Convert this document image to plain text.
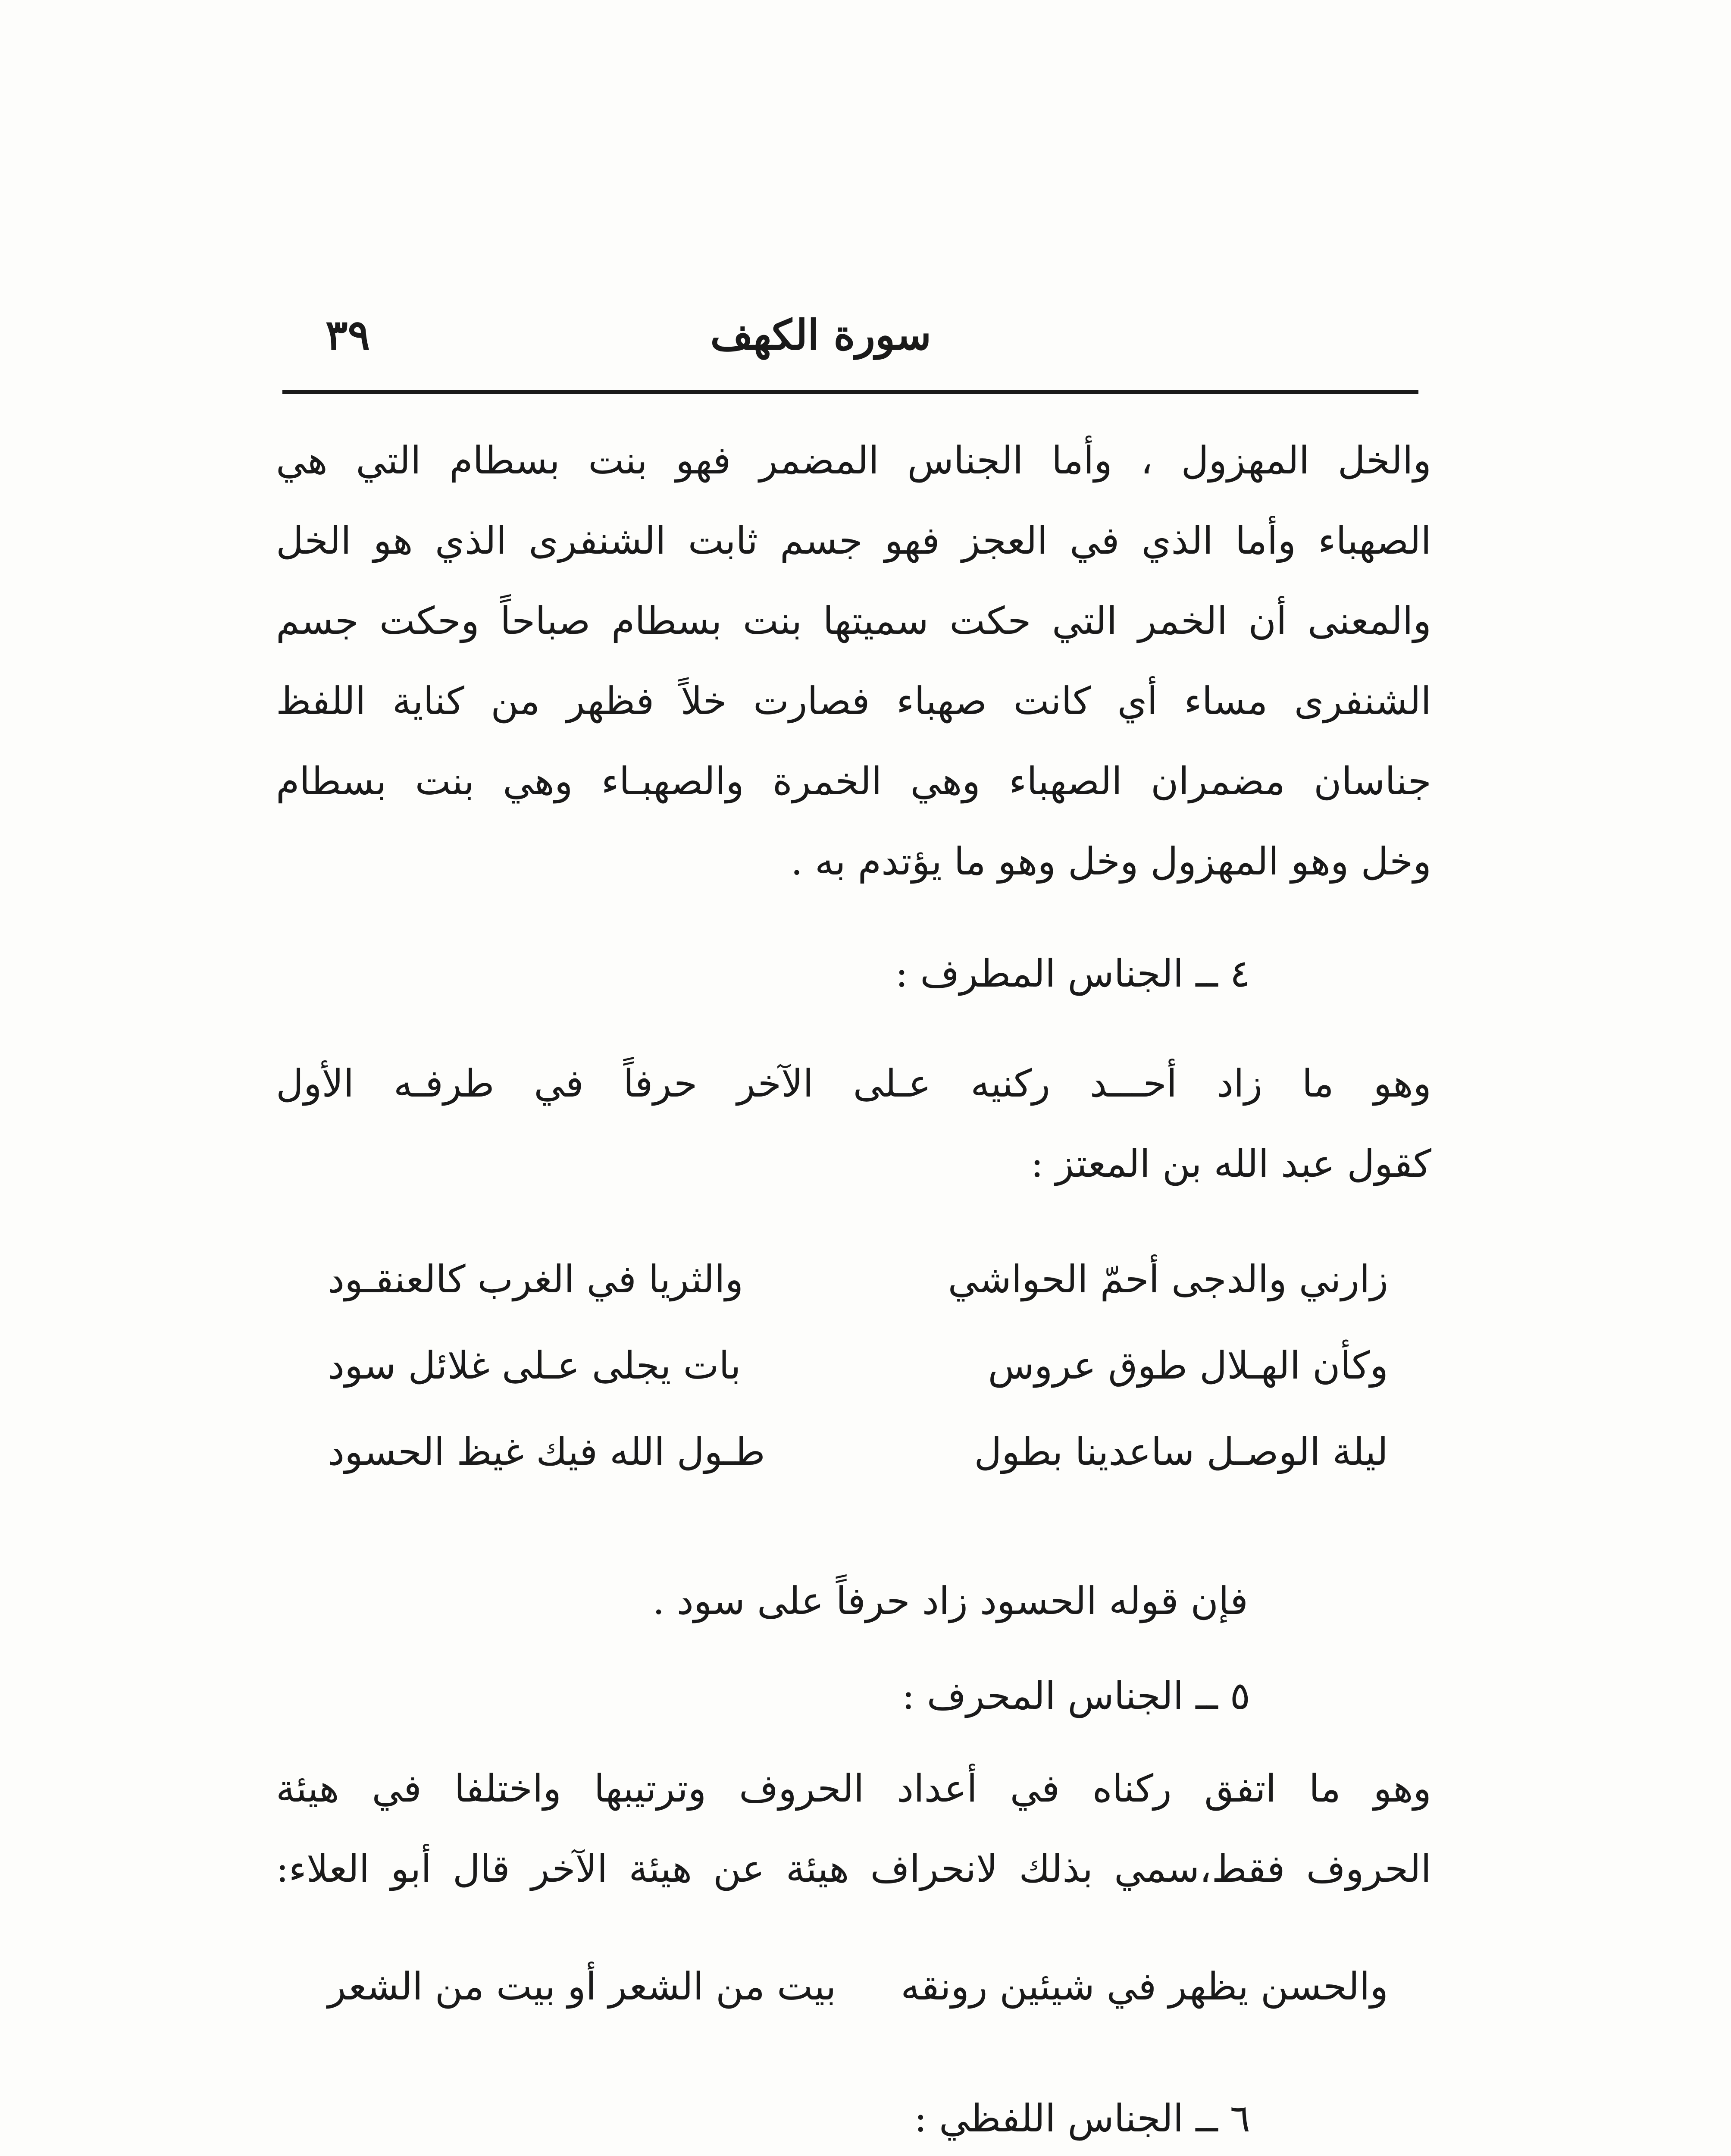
سورة الكهف
٣٩
والخل المهزول ، وأما الجناس المضمر فهو بنت بسطام التي هي
الصهباء وأما الذي في العجز فهو جسم ثابت الشنفرى الذي هو الخل
والمعنى أن الخمر التي حكت سميتها بنت بسطام صباحاً وحكت جسم
الشنفرى مساء أي كانت صهباء فصارت خلاً فظهر من كناية اللفظ
جناسان مضمران الصهباء وهي الخمرة والصهبـاء وهي بنت بسطام
وخل وهو المهزول وخل وهو ما يؤتدم به .
٤ ــ الجناس المطرف :
وهو ما زاد أحـــد ركنيه عـلى الآخر حرفاً في طرفـه الأول
كقول عبد الله بن المعتز :
زارني والدجى أحمّ الحواشي
والثريا في الغرب كالعنقـود
وكأن الهـلال طوق عروس
بات يجلى عـلى غلائل سود
ليلة الوصـل ساعدينا بطول
طـول الله فيك غيظ الحسود
فإن قوله الحسود زاد حرفاً على سود .
٥ ــ الجناس المحرف :
وهو ما اتفق ركناه في أعداد الحروف وترتيبها واختلفا في هيئة
الحروف فقط،سمي بذلك لانحراف هيئة عن هيئة الآخر قال أبو العلاء:
والحسن يظهر في شيئين رونقه
بيت من الشعر أو بيت من الشعر
٦ ــ الجناس اللفظي :
